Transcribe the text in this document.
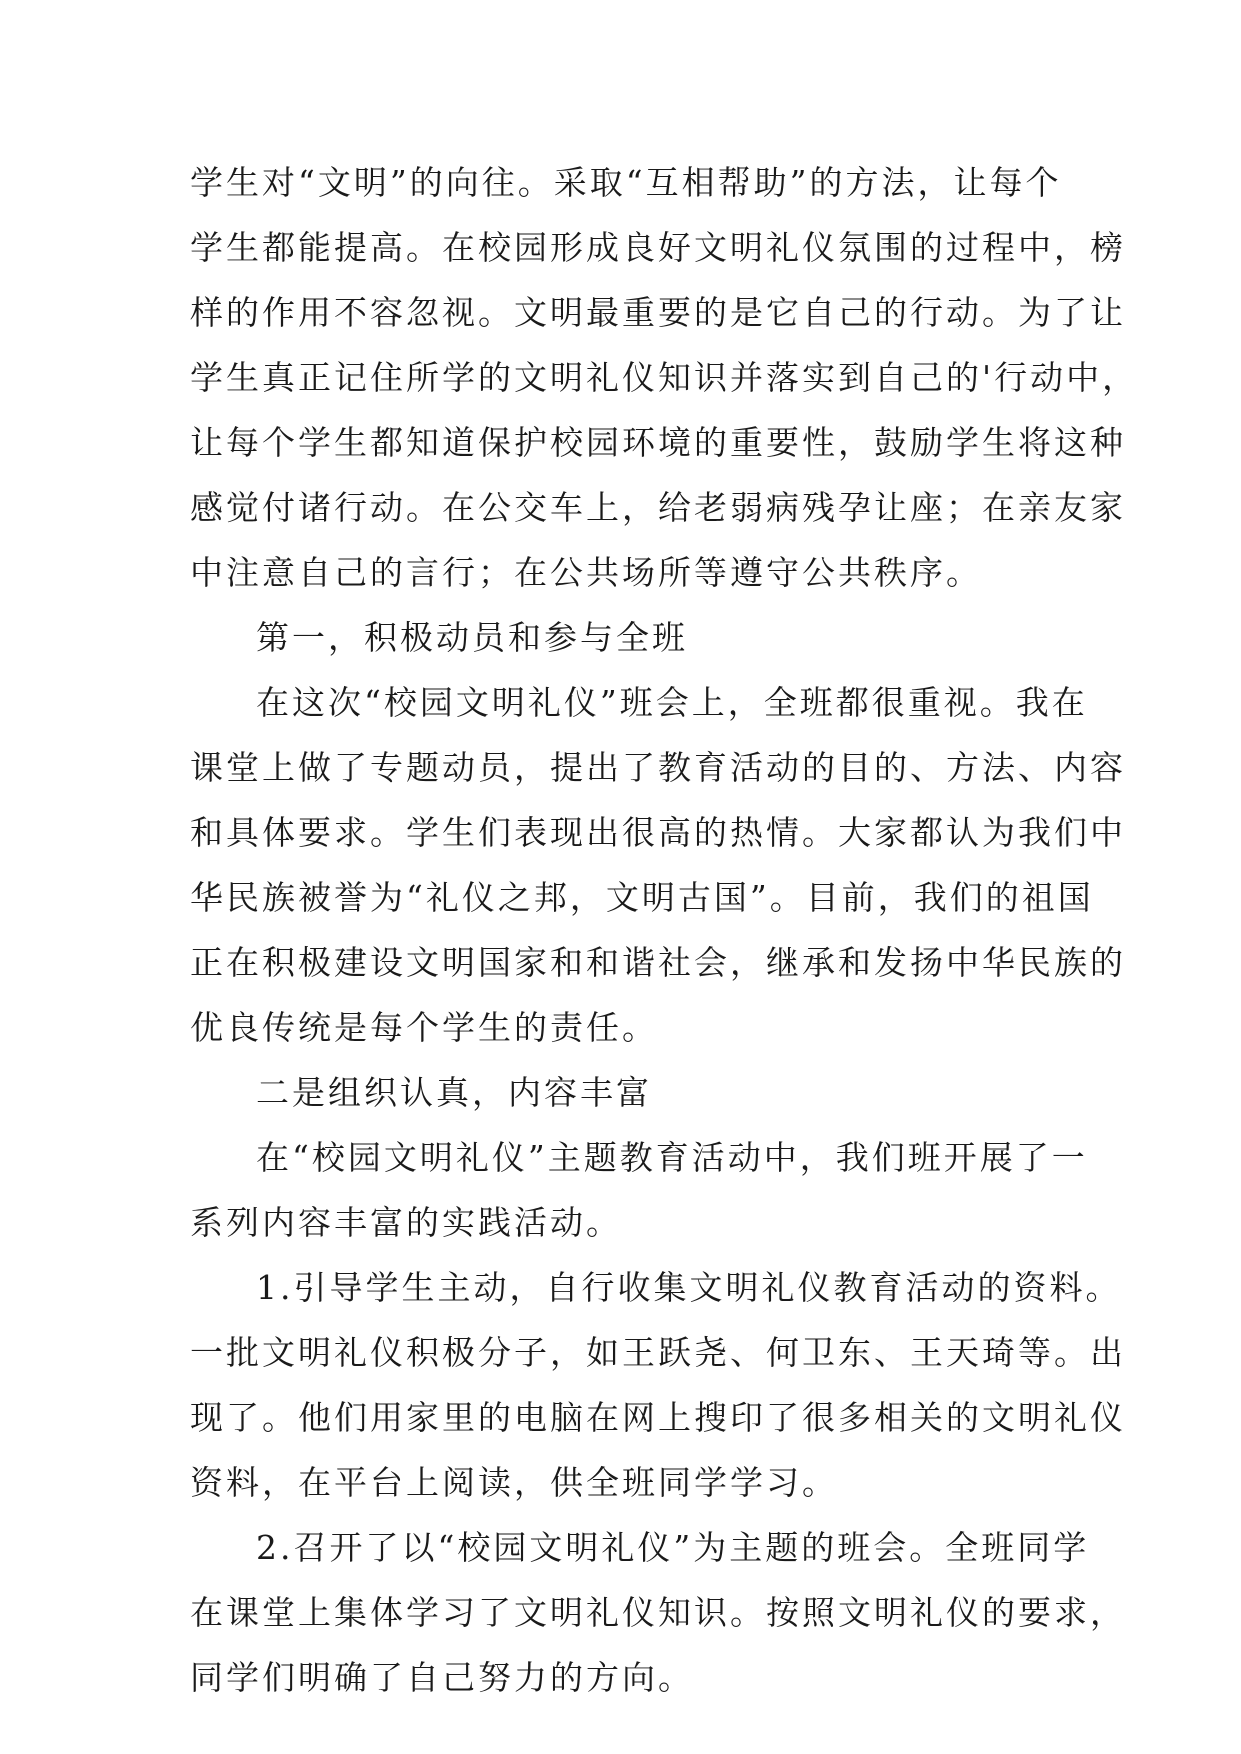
学生对“文明”的向往。采取“互相帮助”的方法，让每个
学生都能提高。在校园形成良好文明礼仪氛围的过程中，榜
样的作用不容忽视。文明最重要的是它自己的行动。为了让
学生真正记住所学的文明礼仪知识并落实到自己的'行动中，
让每个学生都知道保护校园环境的重要性，鼓励学生将这种
感觉付诸行动。在公交车上，给老弱病残孕让座；在亲友家
中注意自己的言行；在公共场所等遵守公共秩序。
第一，积极动员和参与全班
在这次“校园文明礼仪”班会上，全班都很重视。我在
课堂上做了专题动员，提出了教育活动的目的、方法、内容
和具体要求。学生们表现出很高的热情。大家都认为我们中
华民族被誉为“礼仪之邦，文明古国”。目前，我们的祖国
正在积极建设文明国家和和谐社会，继承和发扬中华民族的
优良传统是每个学生的责任。
二是组织认真，内容丰富
在“校园文明礼仪”主题教育活动中，我们班开展了一
系列内容丰富的实践活动。
1.引导学生主动，自行收集文明礼仪教育活动的资料。
一批文明礼仪积极分子，如王跃尧、何卫东、王天琦等。出
现了。他们用家里的电脑在网上搜印了很多相关的文明礼仪
资料，在平台上阅读，供全班同学学习。
2.召开了以“校园文明礼仪”为主题的班会。全班同学
在课堂上集体学习了文明礼仪知识。按照文明礼仪的要求，
同学们明确了自己努力的方向。
